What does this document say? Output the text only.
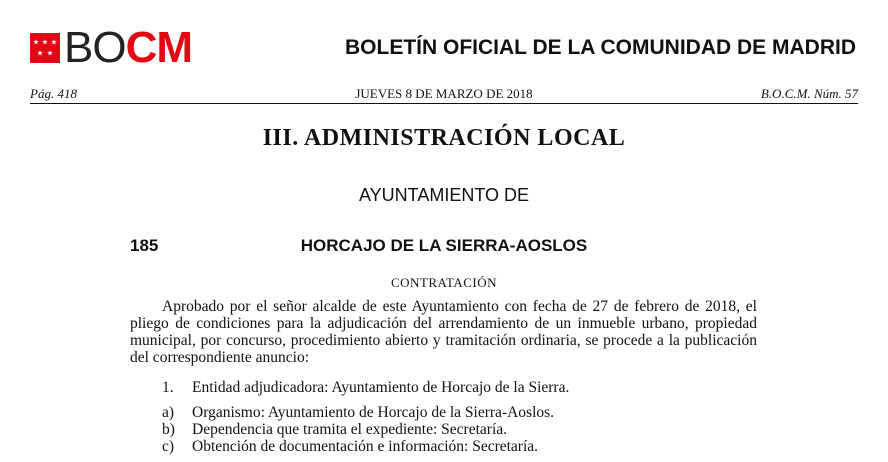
BOCM	BOLETÍN OFICIAL DE LA COMUNIDAD DE MADRID
Pág. 418	JUEVES 8 DE MARZO DE 2018	B.O.C.M. Núm. 57
III. ADMINISTRACIÓN LOCAL
AYUNTAMIENTO DE
185	HORCAJO DE LA SIERRA-AOSLOS
CONTRATACIÓN
Aprobado por el señor alcalde de este Ayuntamiento con fecha de 27 de febrero de 2018, el pliego de condiciones para la adjudicación del arrendamiento de un inmueble urbano, propiedad municipal, por concurso, procedimiento abierto y tramitación ordinaria, se procede a la publicación del correspondiente anuncio:
1. Entidad adjudicadora: Ayuntamiento de Horcajo de la Sierra.
a) Organismo: Ayuntamiento de Horcajo de la Sierra-Aoslos.
b) Dependencia que tramita el expediente: Secretaría.
c) Obtención de documentación e información: Secretaría.
